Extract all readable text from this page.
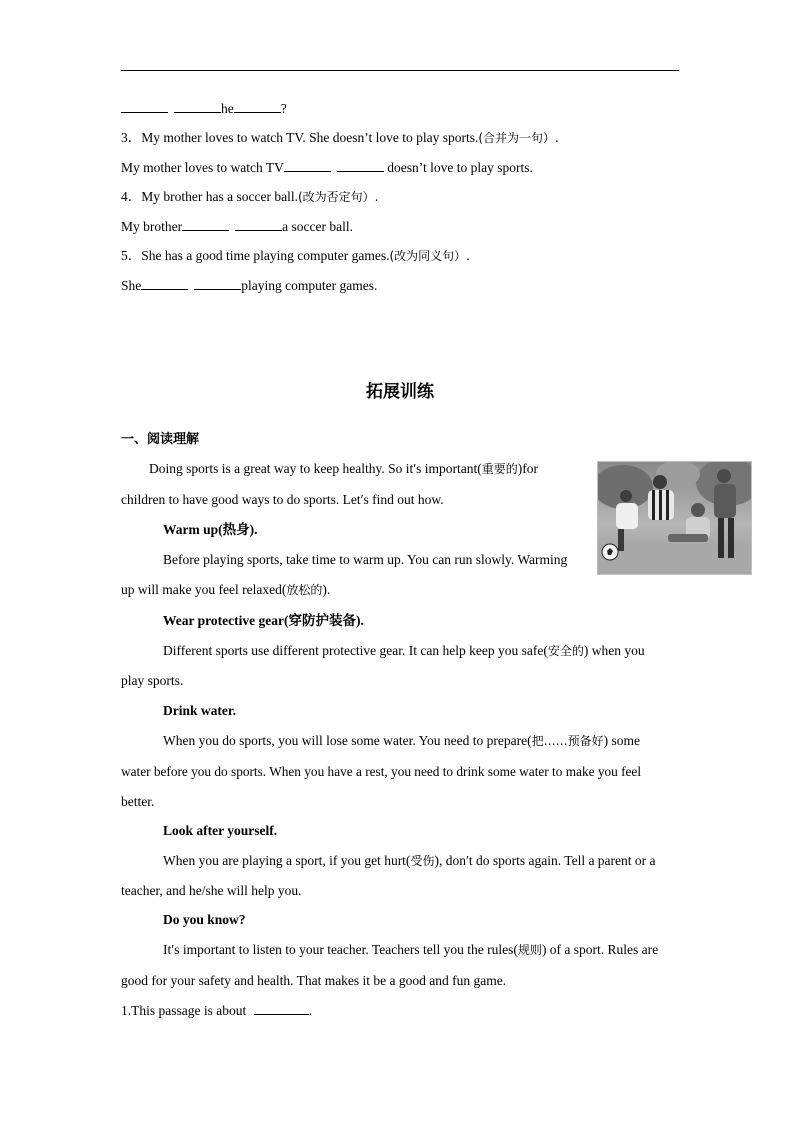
he	?
3．My mother loves to watch TV. She doesn’t love to play sports.(合并为一句）.
My mother loves to watch TV	doesn’t love to play sports.
4．My brother has a soccer ball.(改为否定句）.
My brother	a soccer ball.
5．She has a good time playing computer games.(改为同义句）.
She	playing computer games.
拓展训练
一、阅读理解
Doing sports is a great way to keep healthy. So it′s important(重要的)for
children to have good ways to do sports. Let′s find out how.
Warm up(热身).
Before playing sports, take time to warm up. You can run slowly. Warming
up will make you feel relaxed(放松的).
Wear protective gear(穿防护装备).
Different sports use different protective gear. It can help keep you safe(安全的) when you
play sports.
Drink water.
When you do sports, you will lose some water. You need to prepare(把……预备好) some
water before you do sports. When you have a rest, you need to drink some water to make you feel
better.
Look after yourself.
When you are playing a sport, if you get hurt(受伤), don′t do sports again. Tell a parent or a
teacher, and he/she will help you.
Do you know?
It′s important to listen to your teacher. Teachers tell you the rules(规则) of a sport. Rules are
good for your safety and health. That makes it be a good and fun game.
1.This passage is about	.
